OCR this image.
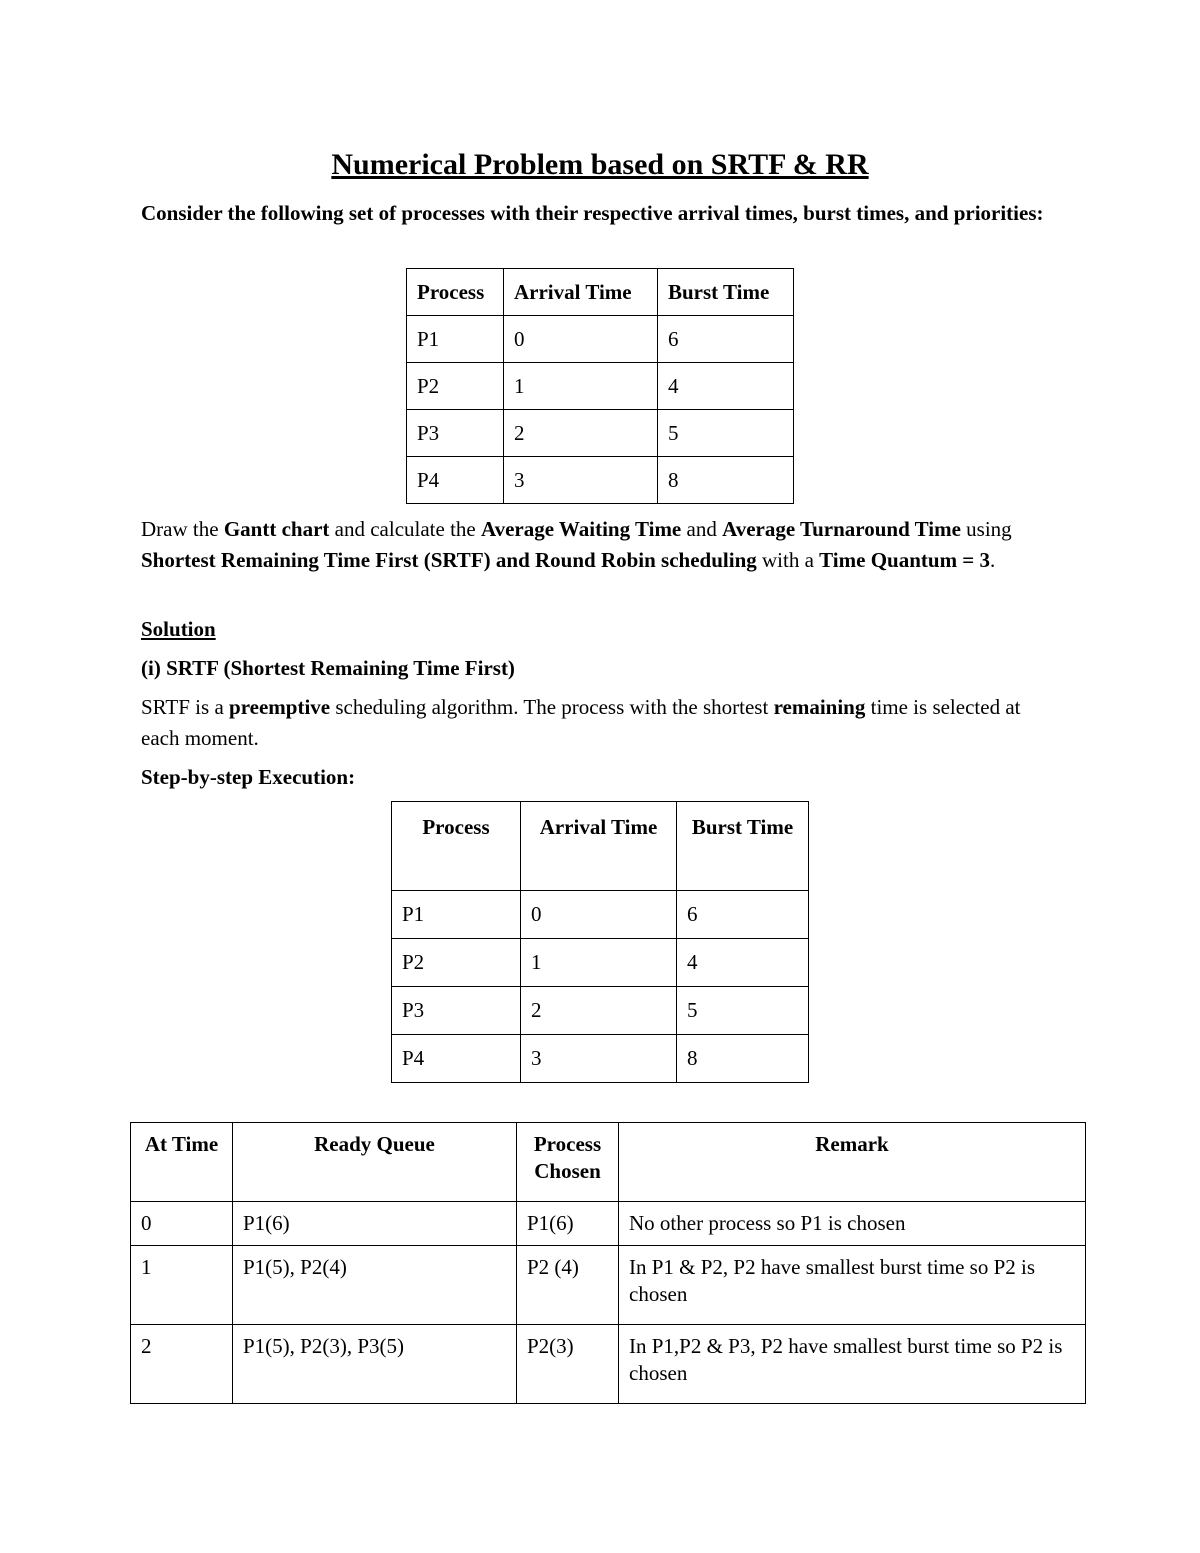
Numerical Problem based on SRTF & RR

Consider the following set of processes with their respective arrival times, burst times, and priorities:

Process	Arrival Time	Burst Time
P1	0	6
P2	1	4
P3	2	5
P4	3	8

Draw the Gantt chart and calculate the Average Waiting Time and Average Turnaround Time using Shortest Remaining Time First (SRTF) and Round Robin scheduling with a Time Quantum = 3.

Solution

(i) SRTF (Shortest Remaining Time First)

SRTF is a preemptive scheduling algorithm. The process with the shortest remaining time is selected at each moment.

Step-by-step Execution:

Process	Arrival Time	Burst Time
P1	0	6
P2	1	4
P3	2	5
P4	3	8
At Time	Ready Queue	Process Chosen	Remark
0	P1(6)	P1(6)	No other process so P1 is chosen
1	P1(5), P2(4)	P2 (4)	In P1 & P2, P2 have smallest burst time so P2 is chosen
2	P1(5), P2(3), P3(5)	P2(3)	In P1,P2 & P3, P2 have smallest burst time so P2 is chosen
